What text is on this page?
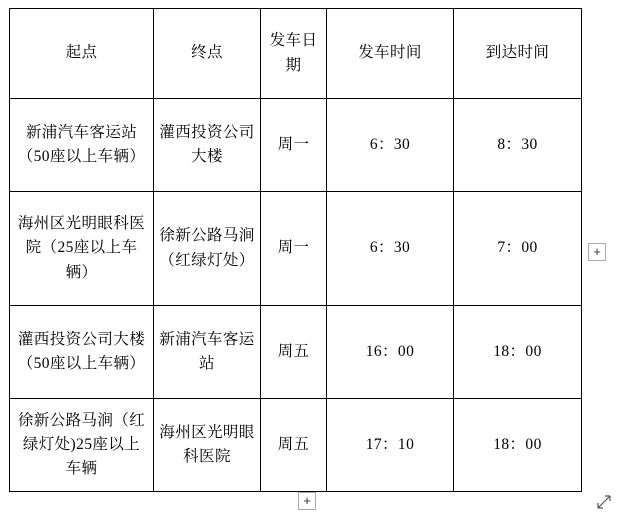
起点	终点	发车日期	发车时间	到达时间

新浦汽车客运站（50座以上车辆）	灌西投资公司大楼	周一	6：30	8：30

海州区光明眼科医院（25座以上车辆）	徐新公路马涧（红绿灯处）	周一	6：30	7：00

灌西投资公司大楼（50座以上车辆）	新浦汽车客运站	周五	16：00	18：00

徐新公路马涧（红绿灯处)25座以上车辆	海州区光明眼科医院	周五	17：10	18：00
+
+
